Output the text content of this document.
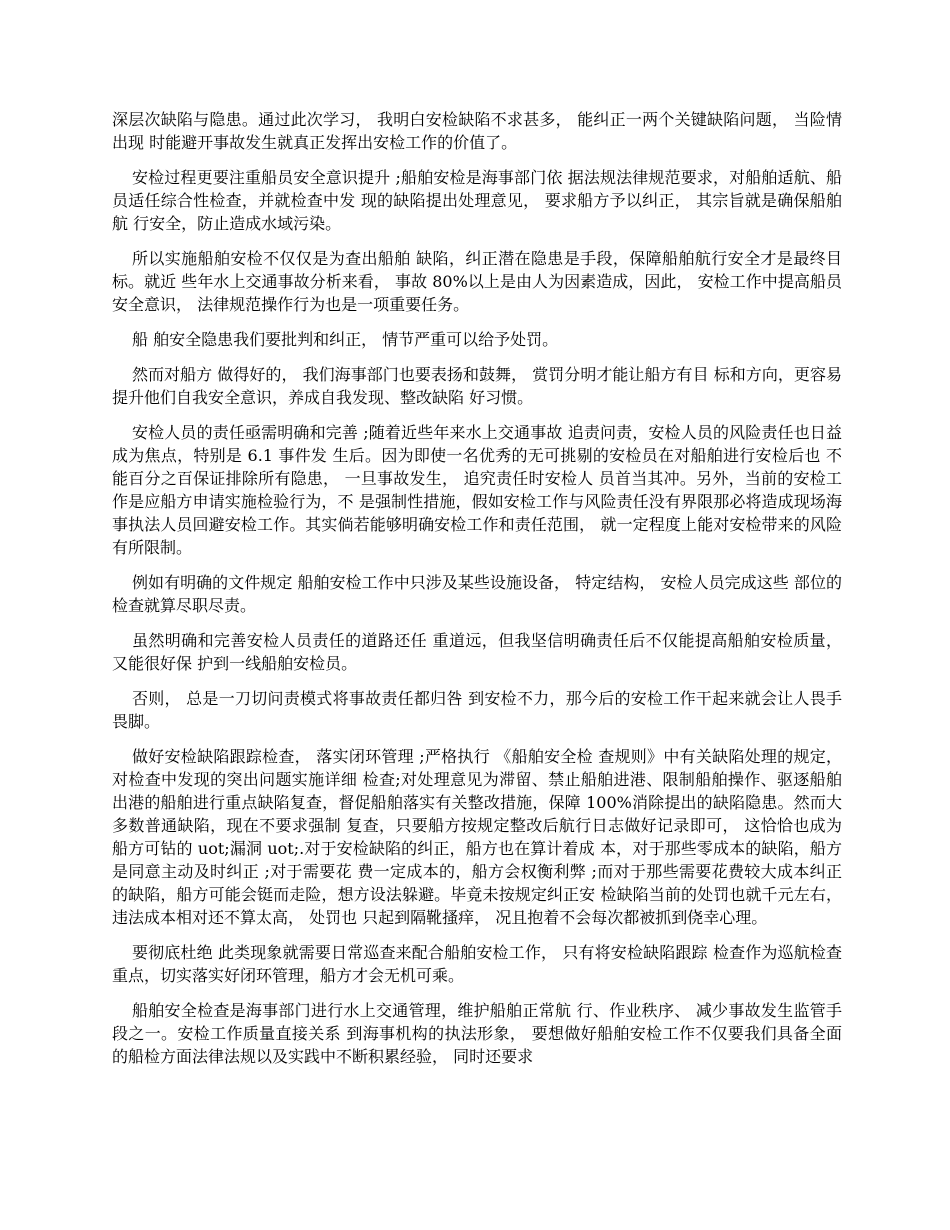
深层次缺陷与隐患。通过此次学习， 我明白安检缺陷不求甚多， 能纠正一两个关键缺陷问题， 当险情出现 时能避开事故发生就真正发挥出安检工作的价值了。

安检过程更要注重船员安全意识提升 ;船舶安检是海事部门依 据法规法律规范要求，对船舶适航、船员适任综合性检查，并就检查中发 现的缺陷提出处理意见， 要求船方予以纠正， 其宗旨就是确保船舶航 行安全，防止造成水域污染。

所以实施船舶安检不仅仅是为查出船舶 缺陷，纠正潜在隐患是手段，保障船舶航行安全才是最终目标。就近 些年水上交通事故分析来看， 事故 80%以上是由人为因素造成，因此， 安检工作中提高船员安全意识， 法律规范操作行为也是一项重要任务。

船 舶安全隐患我们要批判和纠正， 情节严重可以给予处罚。

然而对船方 做得好的， 我们海事部门也要表扬和鼓舞， 赏罚分明才能让船方有目 标和方向，更容易提升他们自我安全意识，养成自我发现、整改缺陷 好习惯。

安检人员的责任亟需明确和完善 ;随着近些年来水上交通事故 追责问责，安检人员的风险责任也日益成为焦点，特别是 6.1 事件发 生后。因为即使一名优秀的无可挑剔的安检员在对船舶进行安检后也 不能百分之百保证排除所有隐患， 一旦事故发生， 追究责任时安检人 员首当其冲。另外，当前的安检工作是应船方申请实施检验行为，不 是强制性措施，假如安检工作与风险责任没有界限那必将造成现场海 事执法人员回避安检工作。其实倘若能够明确安检工作和责任范围， 就一定程度上能对安检带来的风险有所限制。

例如有明确的文件规定 船舶安检工作中只涉及某些设施设备， 特定结构， 安检人员完成这些 部位的检查就算尽职尽责。

虽然明确和完善安检人员责任的道路还任 重道远，但我坚信明确责任后不仅能提高船舶安检质量， 又能很好保 护到一线船舶安检员。

否则， 总是一刀切问责模式将事故责任都归咎 到安检不力，那今后的安检工作干起来就会让人畏手畏脚。

做好安检缺陷跟踪检查， 落实闭环管理 ;严格执行 《船舶安全检 查规则》中有关缺陷处理的规定， 对检查中发现的突出问题实施详细 检查;对处理意见为滞留、禁止船舶进港、限制船舶操作、驱逐船舶 出港的船舶进行重点缺陷复查，督促船舶落实有关整改措施，保障 100%消除提出的缺陷隐患。然而大多数普通缺陷，现在不要求强制 复查，只要船方按规定整改后航行日志做好记录即可， 这恰恰也成为 船方可钻的 uot;漏洞 uot;.对于安检缺陷的纠正，船方也在算计着成 本，对于那些零成本的缺陷，船方是同意主动及时纠正 ;对于需要花 费一定成本的，船方会权衡利弊 ;而对于那些需要花费较大成本纠正 的缺陷，船方可能会铤而走险，想方设法躲避。毕竟未按规定纠正安 检缺陷当前的处罚也就千元左右， 违法成本相对还不算太高， 处罚也 只起到隔靴搔痒， 况且抱着不会每次都被抓到侥幸心理。

要彻底杜绝 此类现象就需要日常巡查来配合船舶安检工作， 只有将安检缺陷跟踪 检查作为巡航检查重点，切实落实好闭环管理，船方才会无机可乘。

船舶安全检查是海事部门进行水上交通管理，维护船舶正常航 行、作业秩序、 减少事故发生监管手段之一。安检工作质量直接关系 到海事机构的执法形象， 要想做好船舶安检工作不仅要我们具备全面 的船检方面法律法规以及实践中不断积累经验， 同时还要求
